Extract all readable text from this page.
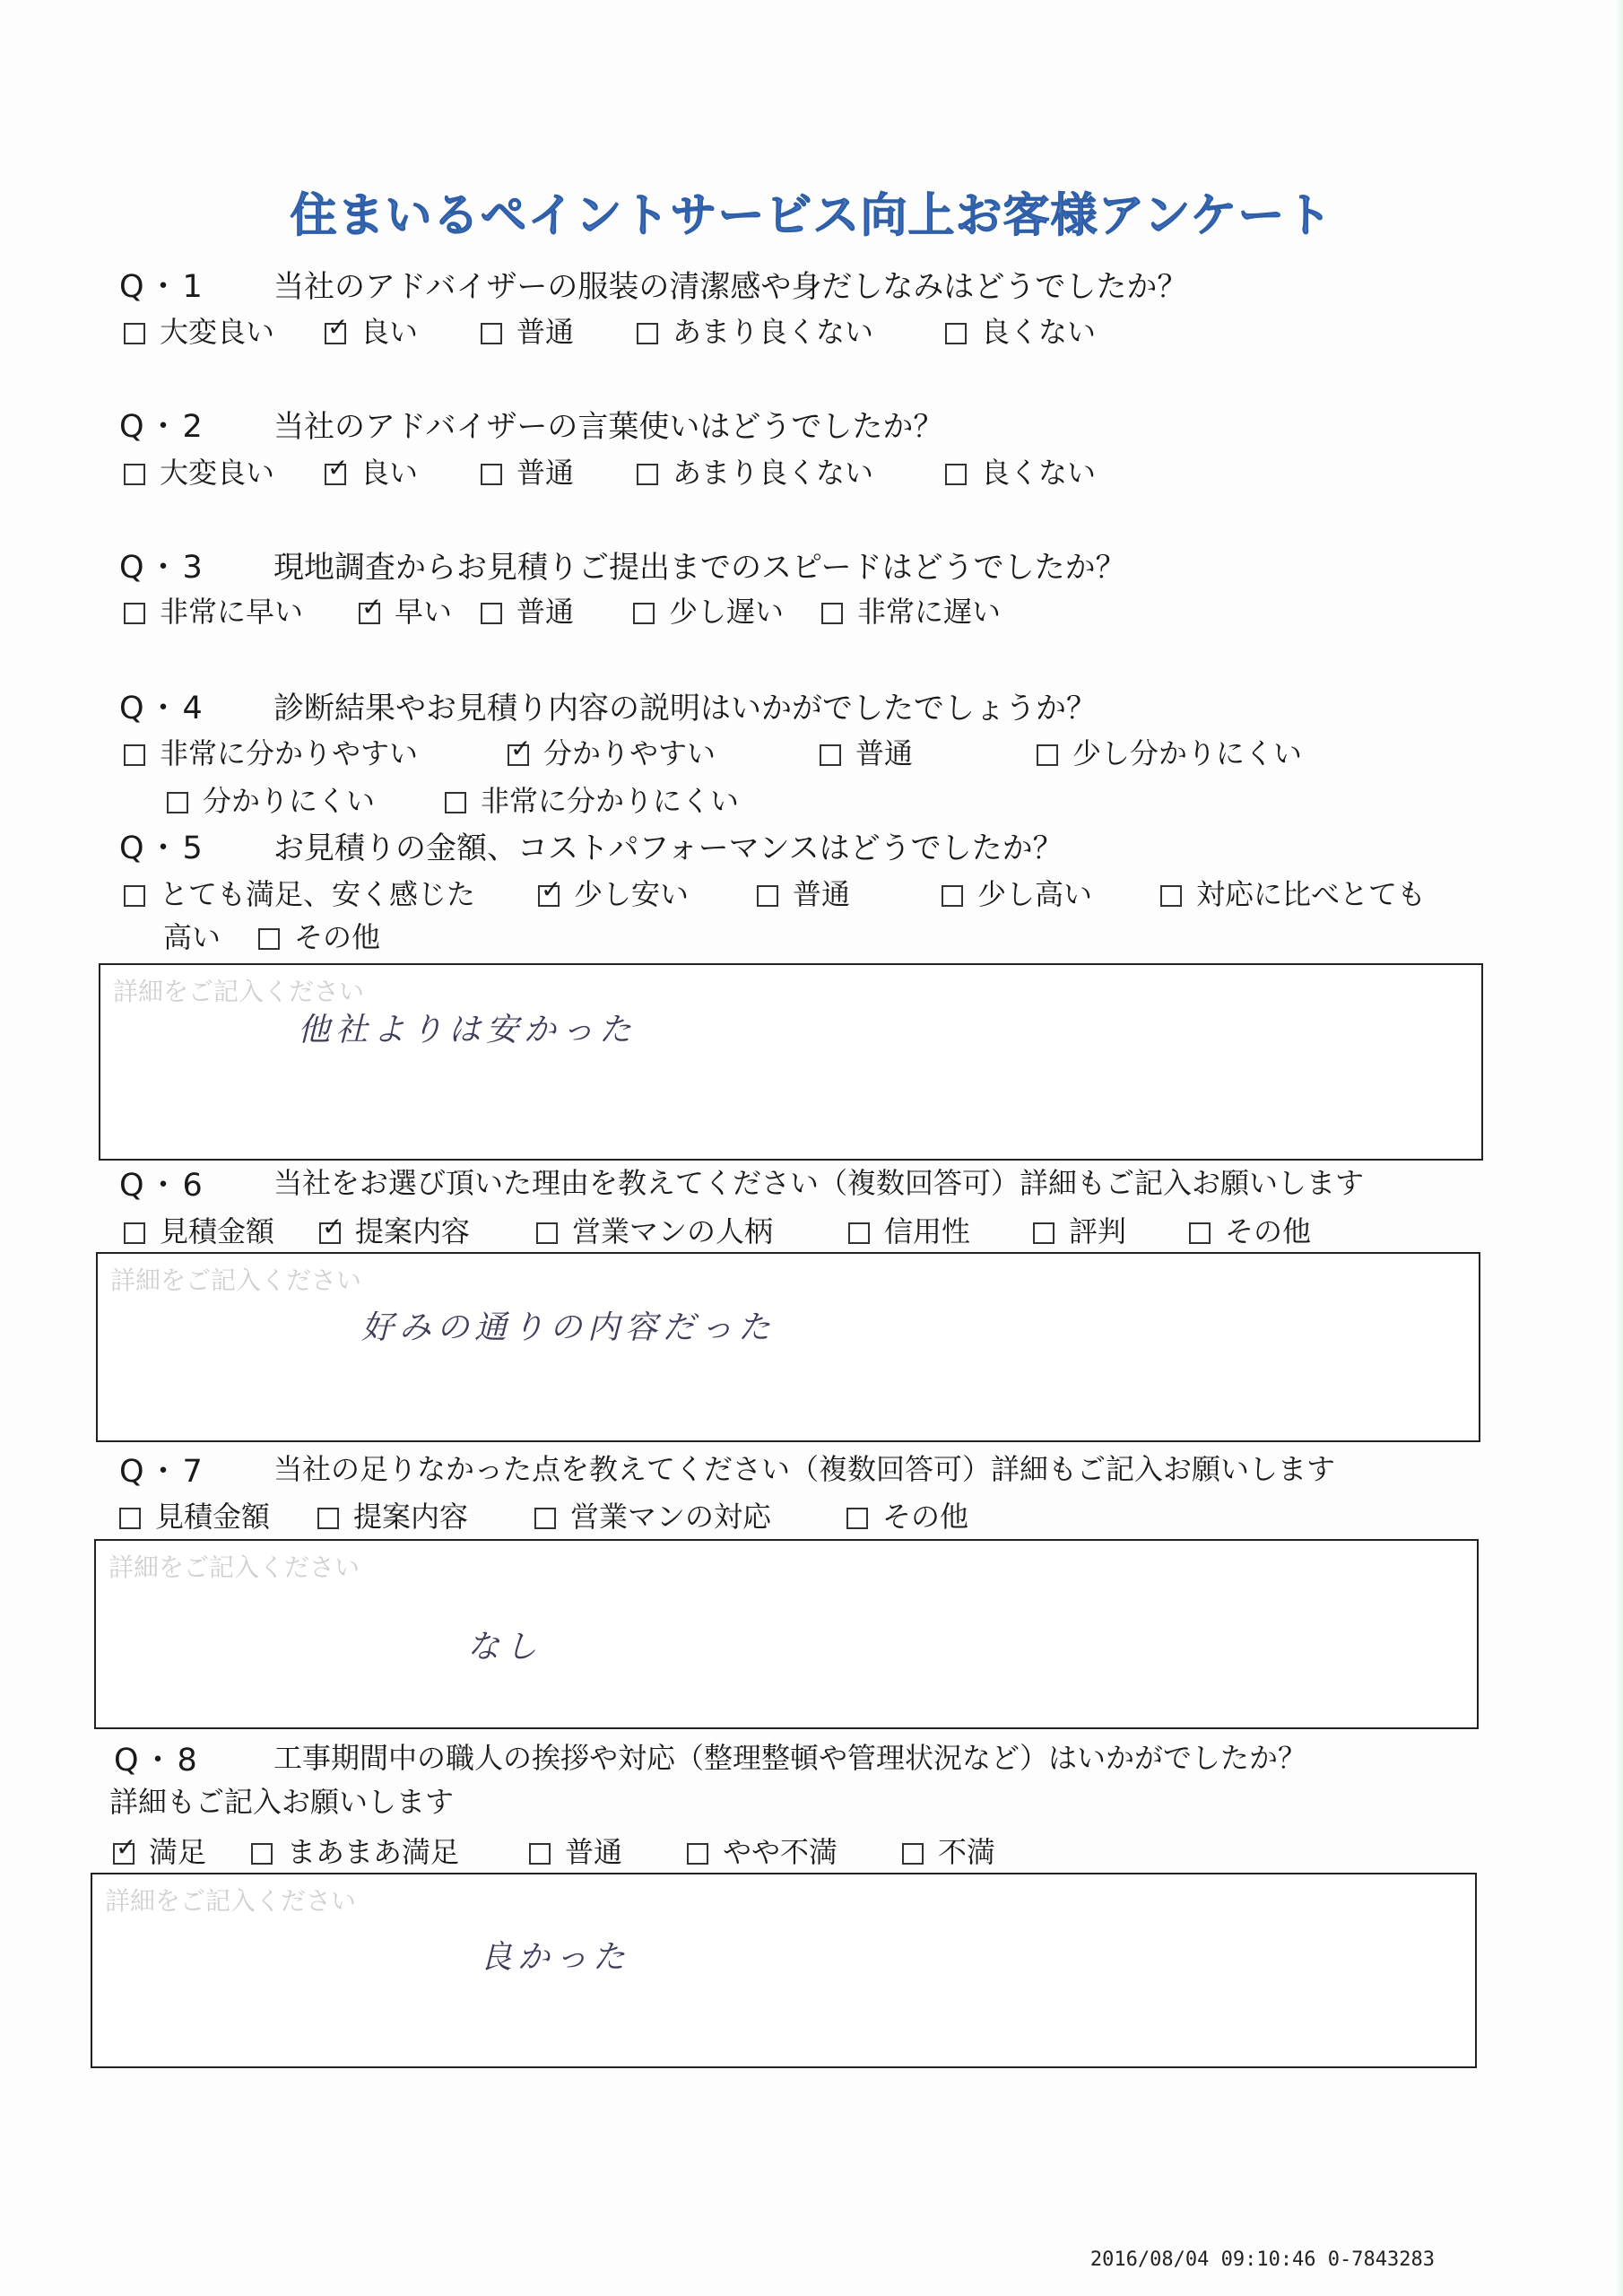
住まいるペイントサービス向上お客様アンケート
Q・1 当社のアドバイザーの服装の清潔感や身だしなみはどうでしたか？
大変良い ✓	良い	普通	あまり良くない	良くない
Q・2 当社のアドバイザーの言葉使いはどうでしたか？
大変良い ✓	良い	普通	あまり良くない	良くない
Q・3 現地調査からお見積りご提出までのスピードはどうでしたか？
非常に早い ✓	早い	普通	少し遅い	非常に遅い
Q・4 診断結果やお見積り内容の説明はいかがでしたでしょうか？
非常に分かりやすい ✓	分かりやすい	普通	少し分かりにくい
分かりにくい	非常に分かりにくい
Q・5 お見積りの金額、コストパフォーマンスはどうでしたか？
とても満足、安く感じた ✓	少し安い	普通	少し高い	対応に比べとても
高い	その他
詳細をご記入ください
他社よりは安かった
Q・6 当社をお選び頂いた理由を教えてください（複数回答可）詳細もご記入お願いします
見積金額 ✓	提案内容	営業マンの人柄	信用性	評判	その他
詳細をご記入ください
好みの通りの内容だった
Q・7 当社の足りなかった点を教えてください（複数回答可）詳細もご記入お願いします
見積金額	提案内容	営業マンの対応	その他
詳細をご記入ください
なし
Q・8	工事期間中の職人の挨拶や対応（整理整頓や管理状況など）はいかがでしたか？
詳細もご記入お願いします
✓満足	まあまあ満足	普通	やや不満	不満
詳細をご記入ください
良かった
2016/08/04 09:10:46 0-7843283
